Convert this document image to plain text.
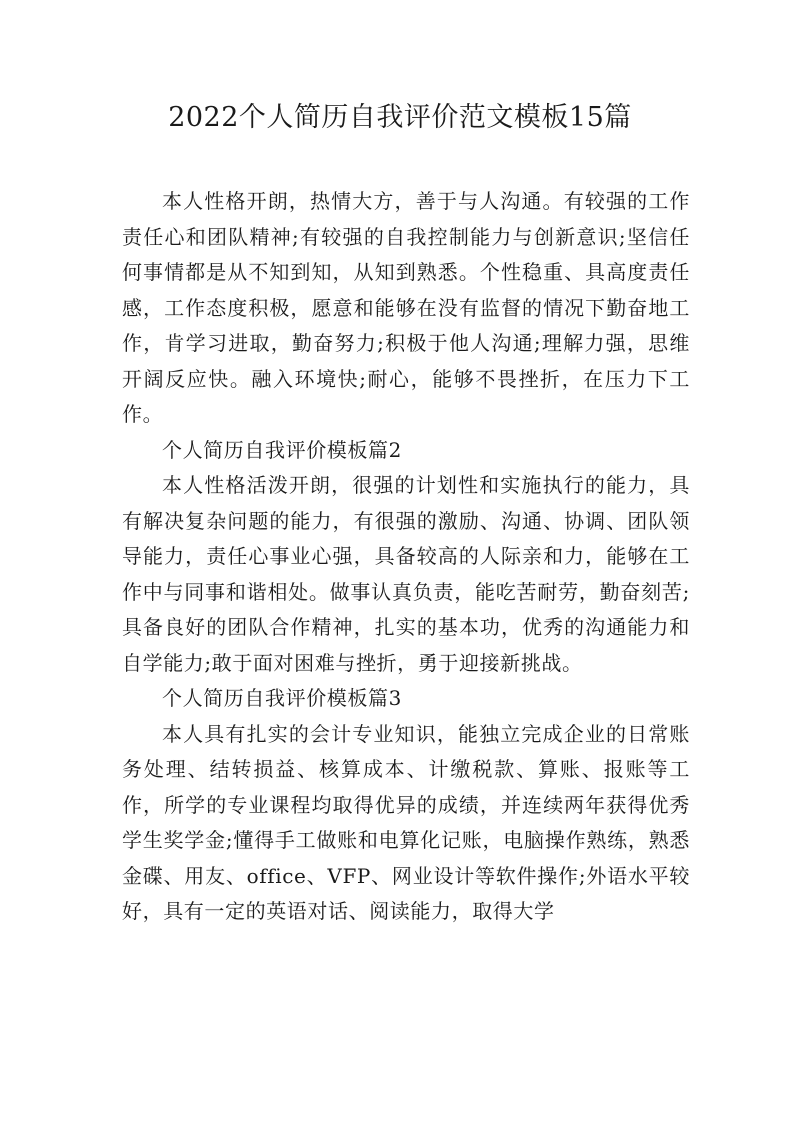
2022个人简历自我评价范文模板15篇

本人性格开朗，热情大方，善于与人沟通。有较强的工作责任心和团队精神;有较强的自我控制能力与创新意识;坚信任何事情都是从不知到知，从知到熟悉。个性稳重、具高度责任感，工作态度积极，愿意和能够在没有监督的情况下勤奋地工作，肯学习进取，勤奋努力;积极于他人沟通;理解力强，思维开阔反应快。融入环境快;耐心，能够不畏挫折，在压力下工作。

个人简历自我评价模板篇2

本人性格活泼开朗，很强的计划性和实施执行的能力，具有解决复杂问题的能力，有很强的激励、沟通、协调、团队领导能力，责任心事业心强，具备较高的人际亲和力，能够在工作中与同事和谐相处。做事认真负责，能吃苦耐劳，勤奋刻苦;具备良好的团队合作精神，扎实的基本功，优秀的沟通能力和自学能力;敢于面对困难与挫折，勇于迎接新挑战。

个人简历自我评价模板篇3

本人具有扎实的会计专业知识，能独立完成企业的日常账务处理、结转损益、核算成本、计缴税款、算账、报账等工作，所学的专业课程均取得优异的成绩，并连续两年获得优秀学生奖学金;懂得手工做账和电算化记账，电脑操作熟练，熟悉金碟、用友、office、VFP、网业设计等软件操作;外语水平较好，具有一定的英语对话、阅读能力，取得大学
